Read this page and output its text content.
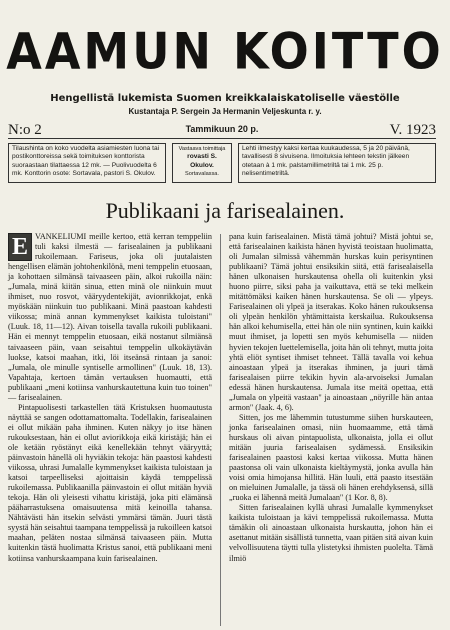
AAMUN KOITTO
Hengellistä lukemista Suomen kreikkalaiskatoliselle väestölle
Kustantaja P. Sergein Ja Hermanin Veljeskunta r. y.
N:o 2	Tammikuun 20 p.	V. 1923
Tilaushinta on koko vuodelta asiamiesten luona tai postikonttoreissa sekä toimituksen konttorista suoraastaan tilattaessa 12 mk. — Puolivuodelta 6 mk. Konttorin osote: Sortavala, pastori S. Okulov.
Vastaava toimittaja
rovasti S. Okulov.
Sortavalassa.
Lehti ilmestyy kaksi kertaa kuukaudessa, 5 ja 20 päivänä, tavallisesti 8 sivuisena. Ilmoituksia lehteen tekstin jälkeen otetaan à 1 mk. palstamillimetriltä tai 1 mk. 25 p. nelisentimetriltä.
Publikaani ja farisealainen.
E VANKELIUMI meille kertoo, että kerran temppeliin tuli kaksi ilmestä — farisealainen ja publikaani rukoilemaan. Fariseus, joka oli juutalaisten hengellisen elämän johtohenkilönä, meni temppelin etuosaan, ja kohottaen silmänsä taivaaseen päin, alkoi rukoilla näin: „Jumala, minä kiitän sinua, etten minä ole niinkuin muut ihmiset, nuo rosvot, vääryydentekijät, avionrikkojat, enkä myöskään niinkuin tuo publikaani. Minä paastoan kahdesti viikossa; minä annan kymmenykset kaikista tuloistani" (Luuk. 18, 11—12). Aivan toisella tavalla rukoili publikaani. Hän ei mennyt temppelin etuosaan, eikä nostanut silmiänsä taivaaseen päin, vaan seisahtui temppelin ulkokäytävän luokse, katsoi maahan, itki, löi itseänsä rintaan ja sanoi: „Jumala, ole minulle syntiselle armollinen" (Luuk. 18, 13). Vapahtaja, kertoen tämän vertauksen huomautti, että publikaani „meni kotiinsa vanhurskautettuna kuin tuo toinen" — farisealainen.

Pintapuolisesti tarkastellen tätä Kristuksen huomautusta näyttää se sangen odottamattomalta. Todellakin, farisealainen ei ollut mikään paha ihminen. Kuten näkyy jo itse hänen rukouksestaan, hän ei ollut aviorikkoja eikä kiristäjä; hän ei ole ketään ryöstänyt eikä kenellekään tehnyt vääryyttä; päinvastoin hänellä oli hyviäkin tekoja: hän paastosi kahdesti viikossa, uhrasi Jumalalle kymmenykset kaikista tuloistaan ja katsoi tarpeelliseksi ajoittaisin käydä temppelissä rukoilemassa. Publikaanilla päinvastoin ei ollut mitään hyviä tekoja. Hän oli yleisesti vihattu kiristäjä, joka piti elämänsä pääharrastuksena omaisuutensa mitä keinoilla tahansa. Nähtävästi hän itsekin selvästi ymmärsi tämän. Juuri tästä syystä hän seisahtui taampana temppelissä ja rukoilleen katsoi maahan, peläten nostaa silmänsä taivaaseen päin. Mutta kuitenkin tästä huolimatta Kristus sanoi, että publikaani meni kotiinsa vanhurskaampana kuin farisealainen.

pana kuin farisealainen. Mistä tämä johtui? Mistä johtui se, että farisealainen kaikista hänen hyvistä teoistaan huolimatta, oli Jumalan silmissä vähemmän hurskas kuin perisyntinen publikaani? Tämä johtui ensiksikin siitä, että farisealaisella hänen ulkonaisen hurskautensa ohella oli kuitenkin yksi huono piirre, siksi paha ja vaikuttava, että se teki melkein mitättömäksi kaiken hänen hurskautensa. Se oli — ylpeys. Farisealainen oli ylpeä ja itserakas. Koko hänen rukouksensa oli ylpeän henkilön yhtämittaista kerskailua. Rukouksensa hän alkoi kehumisella, ettei hän ole niin syntinen, kuin kaikki muut ihmiset, ja lopetti sen myös kehumisella — niiden hyvien tekojen luettelemisella, joita hän oli tehnyt, mutta joita yhtä eliöt syntiset ihmiset tehneet. Tällä tavalla voi kehua ainoastaan ylpeä ja itserakas ihminen, ja juuri tämä farisealaisen piirre tekikin hyvin ala-arvoiseksi Jumalan edessä hänen hurskautensa. Jumala itse meitä opettaa, että „Jumala on ylpeitä vastaan" ja ainoastaan „nöyrille hän antaa armon" (Jaak. 4, 6).

Sitten, jos me lähemmin tutustumme siihen hurskauteen, jonka farisealainen omasi, niin huomaamme, että tämä hurskaus oli aivan pintapuolista, ulkonaista, jolla ei ollut mitään juuria farisealaisen sydämessä. Ensiksikin farisealainen paastosi kaksi kertaa viikossa. Mutta hänen paastonsa oli vain ulkonaista kieltäymystä, jonka avulla hän voisi omia himojansa hillitä. Hän luuli, että paasto itsestään on mieluinen Jumalalle, ja tässä oli hänen erehdyksensä, sillä „ruoka ei lähennä meitä Jumalaan" (1 Kor. 8, 8).

Sitten farisealainen kyllä uhrasi Jumalalle kymmenykset kaikista tuloistaan ja kävi temppelissä rukoilemassa. Mutta tämäkin oli ainoastaan ulkonaista hurskautta, johon hän ei asettanut mitään sisällistä tunnetta, vaan pitäen sitä aivan kuin velvollisuutena täytti tulla ylistetyksi ihmisten puolelta. Tämä ilmiö
